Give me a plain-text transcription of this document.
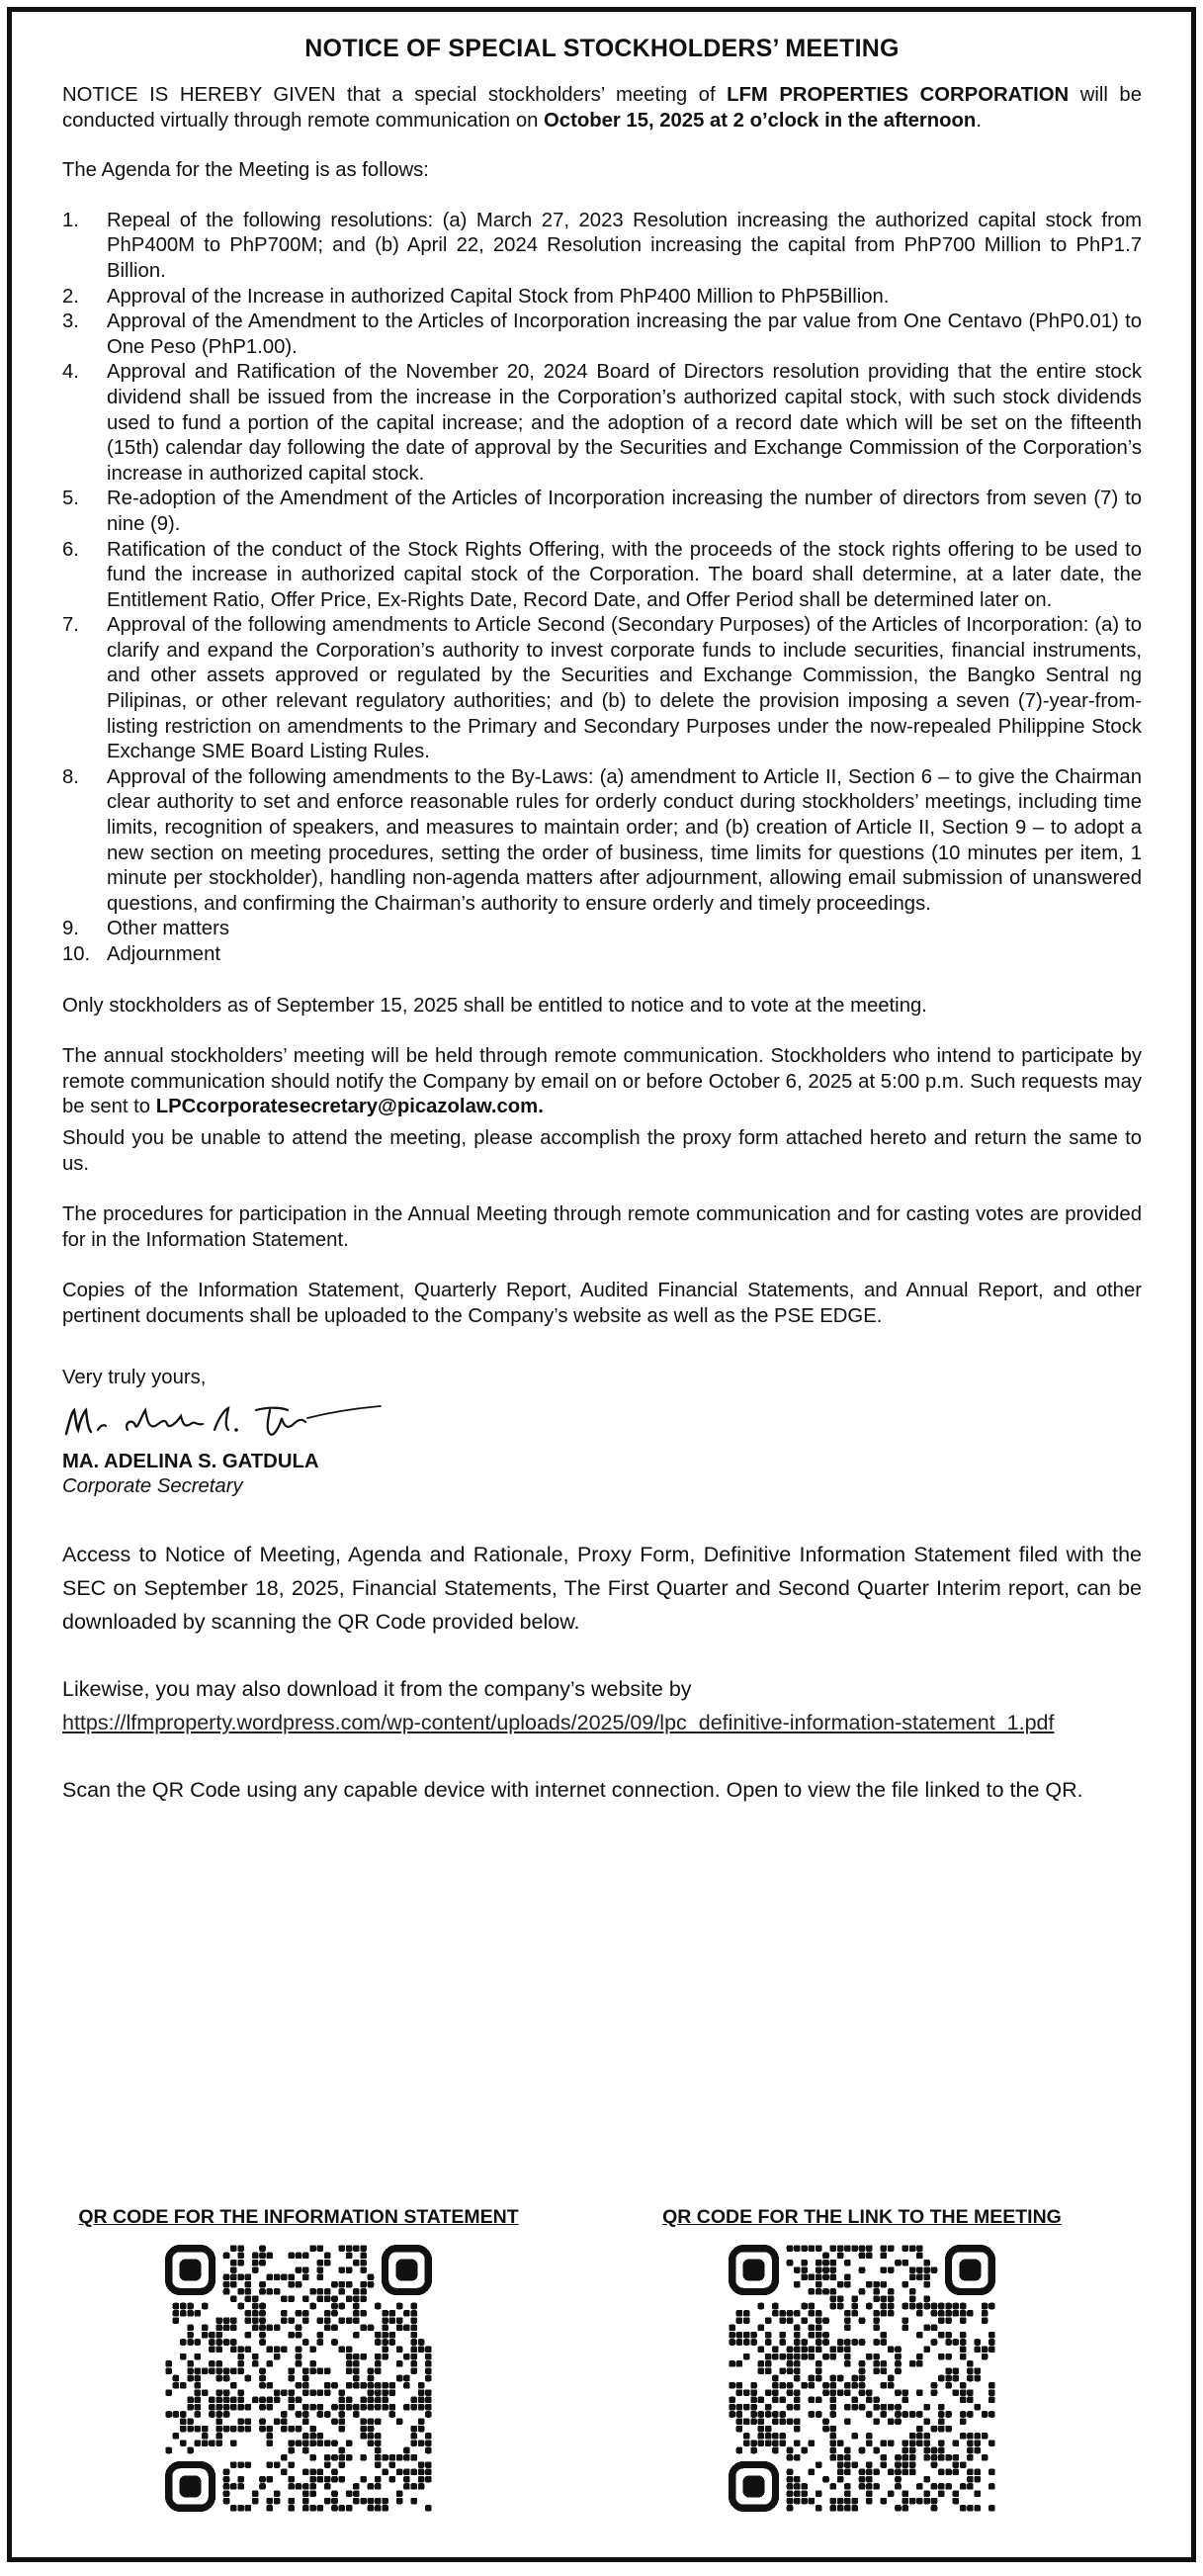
NOTICE OF SPECIAL STOCKHOLDERS’ MEETING

NOTICE IS HEREBY GIVEN that a special stockholders’ meeting of LFM PROPERTIES CORPORATION will be conducted virtually through remote communication on October 15, 2025 at 2 o’clock in the afternoon.

The Agenda for the Meeting is as follows:

1.	Repeal of the following resolutions: (a) March 27, 2023 Resolution increasing the authorized capital stock from PhP400M to PhP700M; and (b) April 22, 2024 Resolution increasing the capital from PhP700 Million to PhP1.7 Billion.
2.	Approval of the Increase in authorized Capital Stock from PhP400 Million to PhP5Billion.
3.	Approval of the Amendment to the Articles of Incorporation increasing the par value from One Centavo (PhP0.01) to One Peso (PhP1.00).
4.	Approval and Ratification of the November 20, 2024 Board of Directors resolution providing that the entire stock dividend shall be issued from the increase in the Corporation’s authorized capital stock, with such stock dividends used to fund a portion of the capital increase; and the adoption of a record date which will be set on the fifteenth (15th) calendar day following the date of approval by the Securities and Exchange Commission of the Corporation’s increase in authorized capital stock.
5.	Re-adoption of the Amendment of the Articles of Incorporation increasing the number of directors from seven (7) to nine (9).
6.	Ratification of the conduct of the Stock Rights Offering, with the proceeds of the stock rights offering to be used to fund the increase in authorized capital stock of the Corporation. The board shall determine, at a later date, the Entitlement Ratio, Offer Price, Ex-Rights Date, Record Date, and Offer Period shall be determined later on.
7.	Approval of the following amendments to Article Second (Secondary Purposes) of the Articles of Incorporation: (a) to clarify and expand the Corporation’s authority to invest corporate funds to include securities, financial instruments, and other assets approved or regulated by the Securities and Exchange Commission, the Bangko Sentral ng Pilipinas, or other relevant regulatory authorities; and (b) to delete the provision imposing a seven (7)-year-from-listing restriction on amendments to the Primary and Secondary Purposes under the now-repealed Philippine Stock Exchange SME Board Listing Rules.
8.	Approval of the following amendments to the By-Laws: (a) amendment to Article II, Section 6 – to give the Chairman clear authority to set and enforce reasonable rules for orderly conduct during stockholders’ meetings, including time limits, recognition of speakers, and measures to maintain order; and (b) creation of Article II, Section 9 – to adopt a new section on meeting procedures, setting the order of business, time limits for questions (10 minutes per item, 1 minute per stockholder), handling non-agenda matters after adjournment, allowing email submission of unanswered questions, and confirming the Chairman’s authority to ensure orderly and timely proceedings.
9.	Other matters
10. Adjournment

Only stockholders as of September 15, 2025 shall be entitled to notice and to vote at the meeting.

The annual stockholders’ meeting will be held through remote communication. Stockholders who intend to participate by remote communication should notify the Company by email on or before October 6, 2025 at 5:00 p.m. Such requests may be sent to LPCcorporatesecretary@picazolaw.com.

Should you be unable to attend the meeting, please accomplish the proxy form attached hereto and return the same to us.

The procedures for participation in the Annual Meeting through remote communication and for casting votes are provided for in the Information Statement.

Copies of the Information Statement, Quarterly Report, Audited Financial Statements, and Annual Report, and other pertinent documents shall be uploaded to the Company’s website as well as the PSE EDGE.

Very truly yours,
MA. ADELINA S. GATDULA
Corporate Secretary

Access to Notice of Meeting, Agenda and Rationale, Proxy Form, Definitive Information Statement filed with the SEC on September 18, 2025, Financial Statements, The First Quarter and Second Quarter Interim report, can be downloaded by scanning the QR Code provided below.

Likewise, you may also download it from the company’s website by
https://lfmproperty.wordpress.com/wp-content/uploads/2025/09/lpc_definitive-information-statement_1.pdf

Scan the QR Code using any capable device with internet connection. Open to view the file linked to the QR.

QR CODE FOR THE INFORMATION STATEMENT	QR CODE FOR THE LINK TO THE MEETING
